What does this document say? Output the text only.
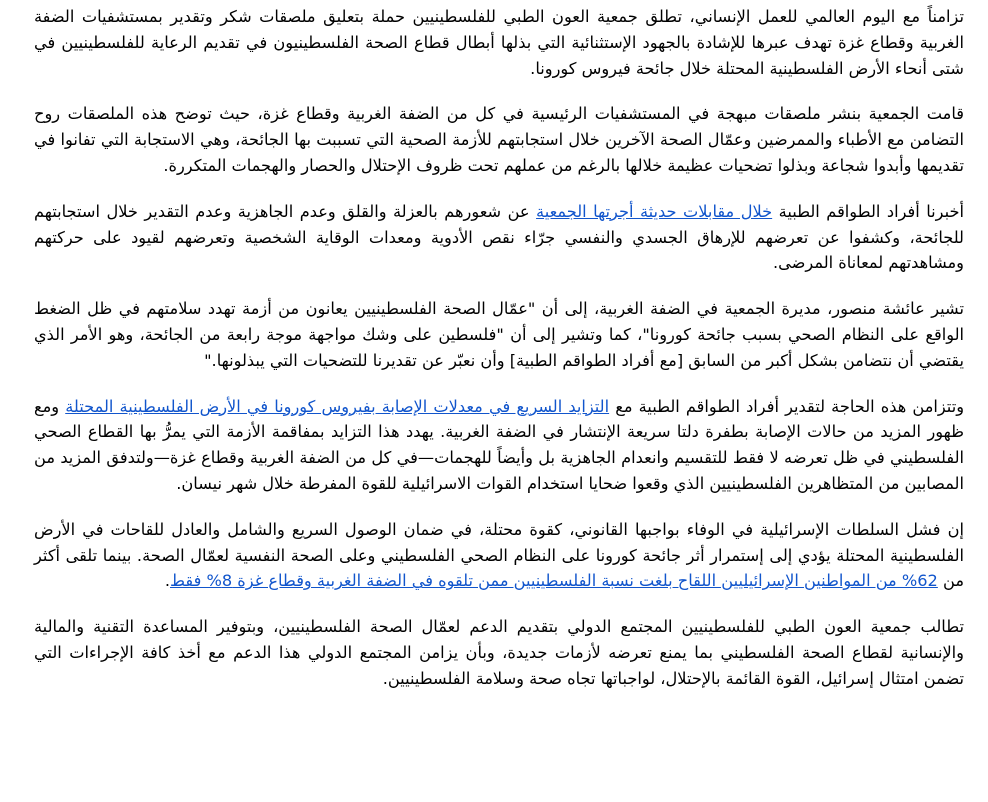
تزامناً مع اليوم العالمي للعمل الإنساني، تطلق جمعية العون الطبي للفلسطينيين حملة بتعليق ملصقات شكر وتقدير بمستشفيات الضفة الغربية وقطاع غزة تهدف عبرها للإشادة بالجهود الإستثنائية التي بذلها أبطال قطاع الصحة الفلسطينيون في تقديم الرعاية للفلسطينيين في شتى أنحاء الأرض الفلسطينية المحتلة خلال جائحة فيروس كورونا.

قامت الجمعية بنشر ملصقات مبهجة في المستشفيات الرئيسية في كل من الضفة الغربية وقطاع غزة، حيث توضح هذه الملصقات روح التضامن مع الأطباء والممرضين وعمّال الصحة الآخرين خلال استجابتهم للأزمة الصحية التي تسببت بها الجائحة، وهي الاستجابة التي تفانوا في تقديمها وأبدوا شجاعة وبذلوا تضحيات عظيمة خلالها بالرغم من عملهم تحت ظروف الإحتلال والحصار والهجمات المتكررة.

أخبرنا أفراد الطواقم الطبية خلال مقابلات حديثة أجرتها الجمعية عن شعورهم بالعزلة والقلق وعدم الجاهزية وعدم التقدير خلال استجابتهم للجائحة، وكشفوا عن تعرضهم للإرهاق الجسدي والنفسي جرّاء نقص الأدوية ومعدات الوقاية الشخصية وتعرضهم لقيود على حركتهم ومشاهدتهم لمعاناة المرضى.

تشير عائشة منصور، مديرة الجمعية في الضفة الغربية، إلى أن "عمّال الصحة الفلسطينيين يعانون من أزمة تهدد سلامتهم في ظل الضغط الواقع على النظام الصحي بسبب جائحة كورونا"، كما وتشير إلى أن "فلسطين على وشك مواجهة موجة رابعة من الجائحة، وهو الأمر الذي يقتضي أن نتضامن بشكل أكبر من السابق [مع أفراد الطواقم الطبية] وأن نعبّر عن تقديرنا للتضحيات التي يبذلونها."

وتتزامن هذه الحاجة لتقدير أفراد الطواقم الطبية مع التزايد السريع في معدلات الإصابة بفيروس كورونا في الأرض الفلسطينية المحتلة ومع ظهور المزيد من حالات الإصابة بطفرة دلتا سريعة الإنتشار في الضفة الغربية. يهدد هذا التزايد بمفاقمة الأزمة التي يمرُّ بها القطاع الصحي الفلسطيني في ظل تعرضه لا فقط للتقسيم وانعدام الجاهزية بل وأيضاً للهجمات—في كل من الضفة الغربية وقطاع غزة—ولتدفق المزيد من المصابين من المتظاهرين الفلسطينيين الذي وقعوا ضحايا استخدام القوات الاسرائيلية للقوة المفرطة خلال شهر نيسان.

إن فشل السلطات الإسرائيلية في الوفاء بواجبها القانوني، كقوة محتلة، في ضمان الوصول السريع والشامل والعادل للقاحات في الأرض الفلسطينية المحتلة يؤدي إلى إستمرار أثر جائحة كورونا على النظام الصحي الفلسطيني وعلى الصحة النفسية لعمّال الصحة. بينما تلقى أكثر من 62% من المواطنين الإسرائيليين اللقاح بلغت نسبة الفلسطينيين ممن تلقوه في الضفة الغربية وقطاع غزة 8% فقط.

تطالب جمعية العون الطبي للفلسطينيين المجتمع الدولي بتقديم الدعم لعمّال الصحة الفلسطينيين، وبتوفير المساعدة التقنية والمالية والإنسانية لقطاع الصحة الفلسطيني بما يمنع تعرضه لأزمات جديدة، وبأن يزامن المجتمع الدولي هذا الدعم مع أخذ كافة الإجراءات التي تضمن امتثال إسرائيل، القوة القائمة بالإحتلال، لواجباتها تجاه صحة وسلامة الفلسطينيين.
